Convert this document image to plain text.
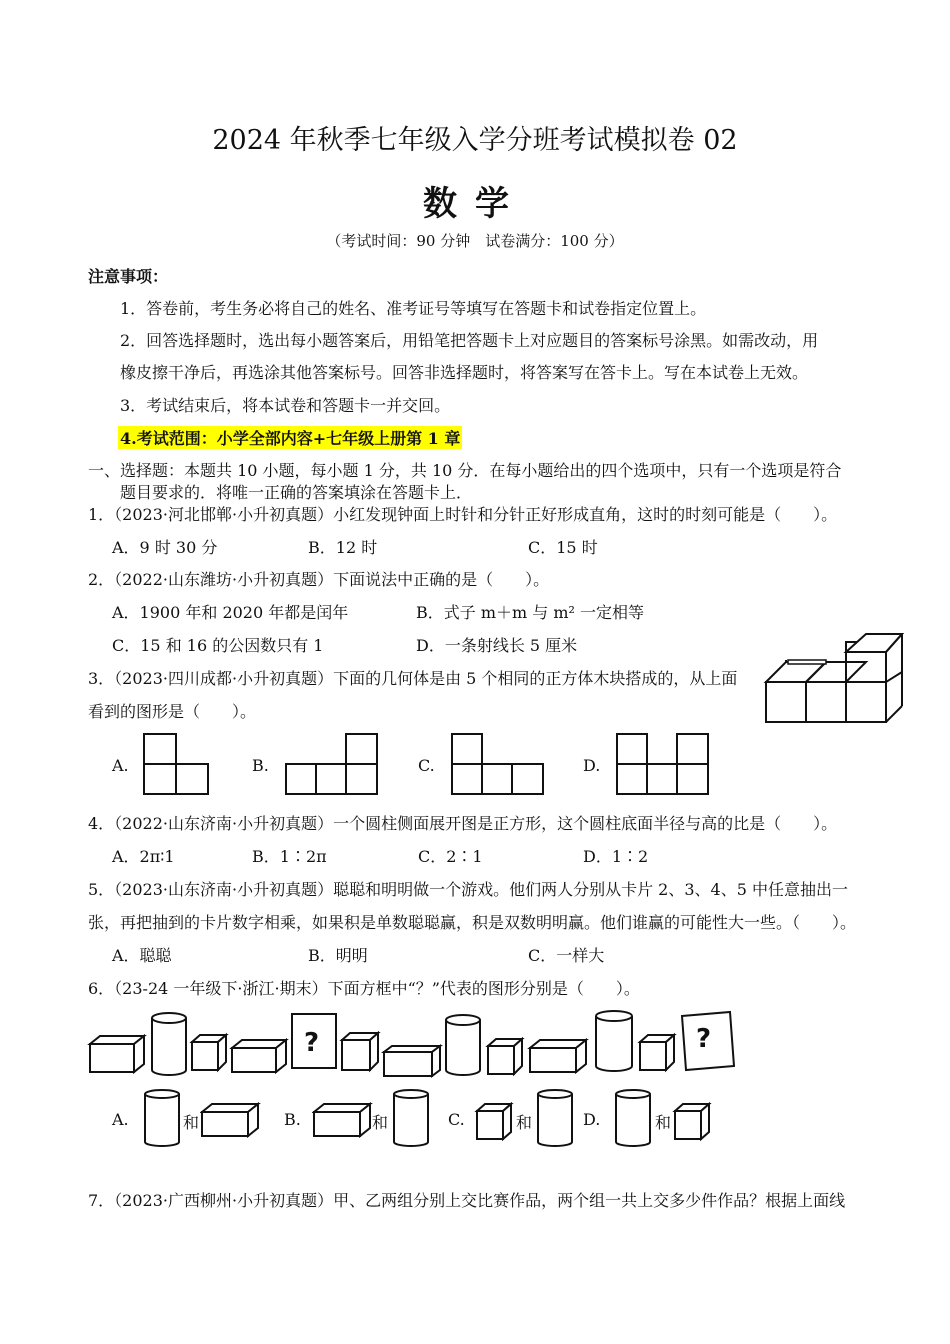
2024 年秋季七年级入学分班考试模拟卷 02
数学
（考试时间：90 分钟　试卷满分：100 分）
注意事项：
1．答卷前，考生务必将自己的姓名、准考证号等填写在答题卡和试卷指定位置上。
2．回答选择题时，选出每小题答案后，用铅笔把答题卡上对应题目的答案标号涂黑。如需改动，用
橡皮擦干净后，再选涂其他答案标号。回答非选择题时，将答案写在答卡上。写在本试卷上无效。
3．考试结束后，将本试卷和答题卡一并交回。
4.考试范围：小学全部内容+七年级上册第 1 章
一、选择题：本题共 10 小题，每小题 1 分，共 10 分．在每小题给出的四个选项中，只有一个选项是符合
题目要求的．将唯一正确的答案填涂在答题卡上．
1．（2023·河北邯郸·小升初真题）小红发现钟面上时针和分针正好形成直角，这时的时刻可能是（　　）。
A．9 时 30 分	B．12 时	C．15 时
2．（2022·山东潍坊·小升初真题）下面说法中正确的是（　　）。
A．1900 年和 2020 年都是闰年	B．式子 m＋m 与 m² 一定相等
C．15 和 16 的公因数只有 1	D．一条射线长 5 厘米
3．（2023·四川成都·小升初真题）下面的几何体是由 5 个相同的正方体木块搭成的，从上面
看到的图形是（　　）。
A.	B.	C.	D.
4．（2022·山东济南·小升初真题）一个圆柱侧面展开图是正方形，这个圆柱底面半径与高的比是（　　）。
A．2π∶1	B．1∶2π	C．2∶1	D．1∶2
5．（2023·山东济南·小升初真题）聪聪和明明做一个游戏。他们两人分别从卡片 2、3、4、5 中任意抽出一
张，再把抽到的卡片数字相乘，如果积是单数聪聪赢，积是双数明明赢。他们谁赢的可能性大一些。（　　）。
A．聪聪	B．明明	C．一样大
6．（23-24 一年级下·浙江·期末）下面方框中“？”代表的图形分别是（　　）。
?	?
A.	和	B.	和	C.	和	D.	和
7．（2023·广西柳州·小升初真题）甲、乙两组分别上交比赛作品，两个组一共上交多少件作品？根据上面线
